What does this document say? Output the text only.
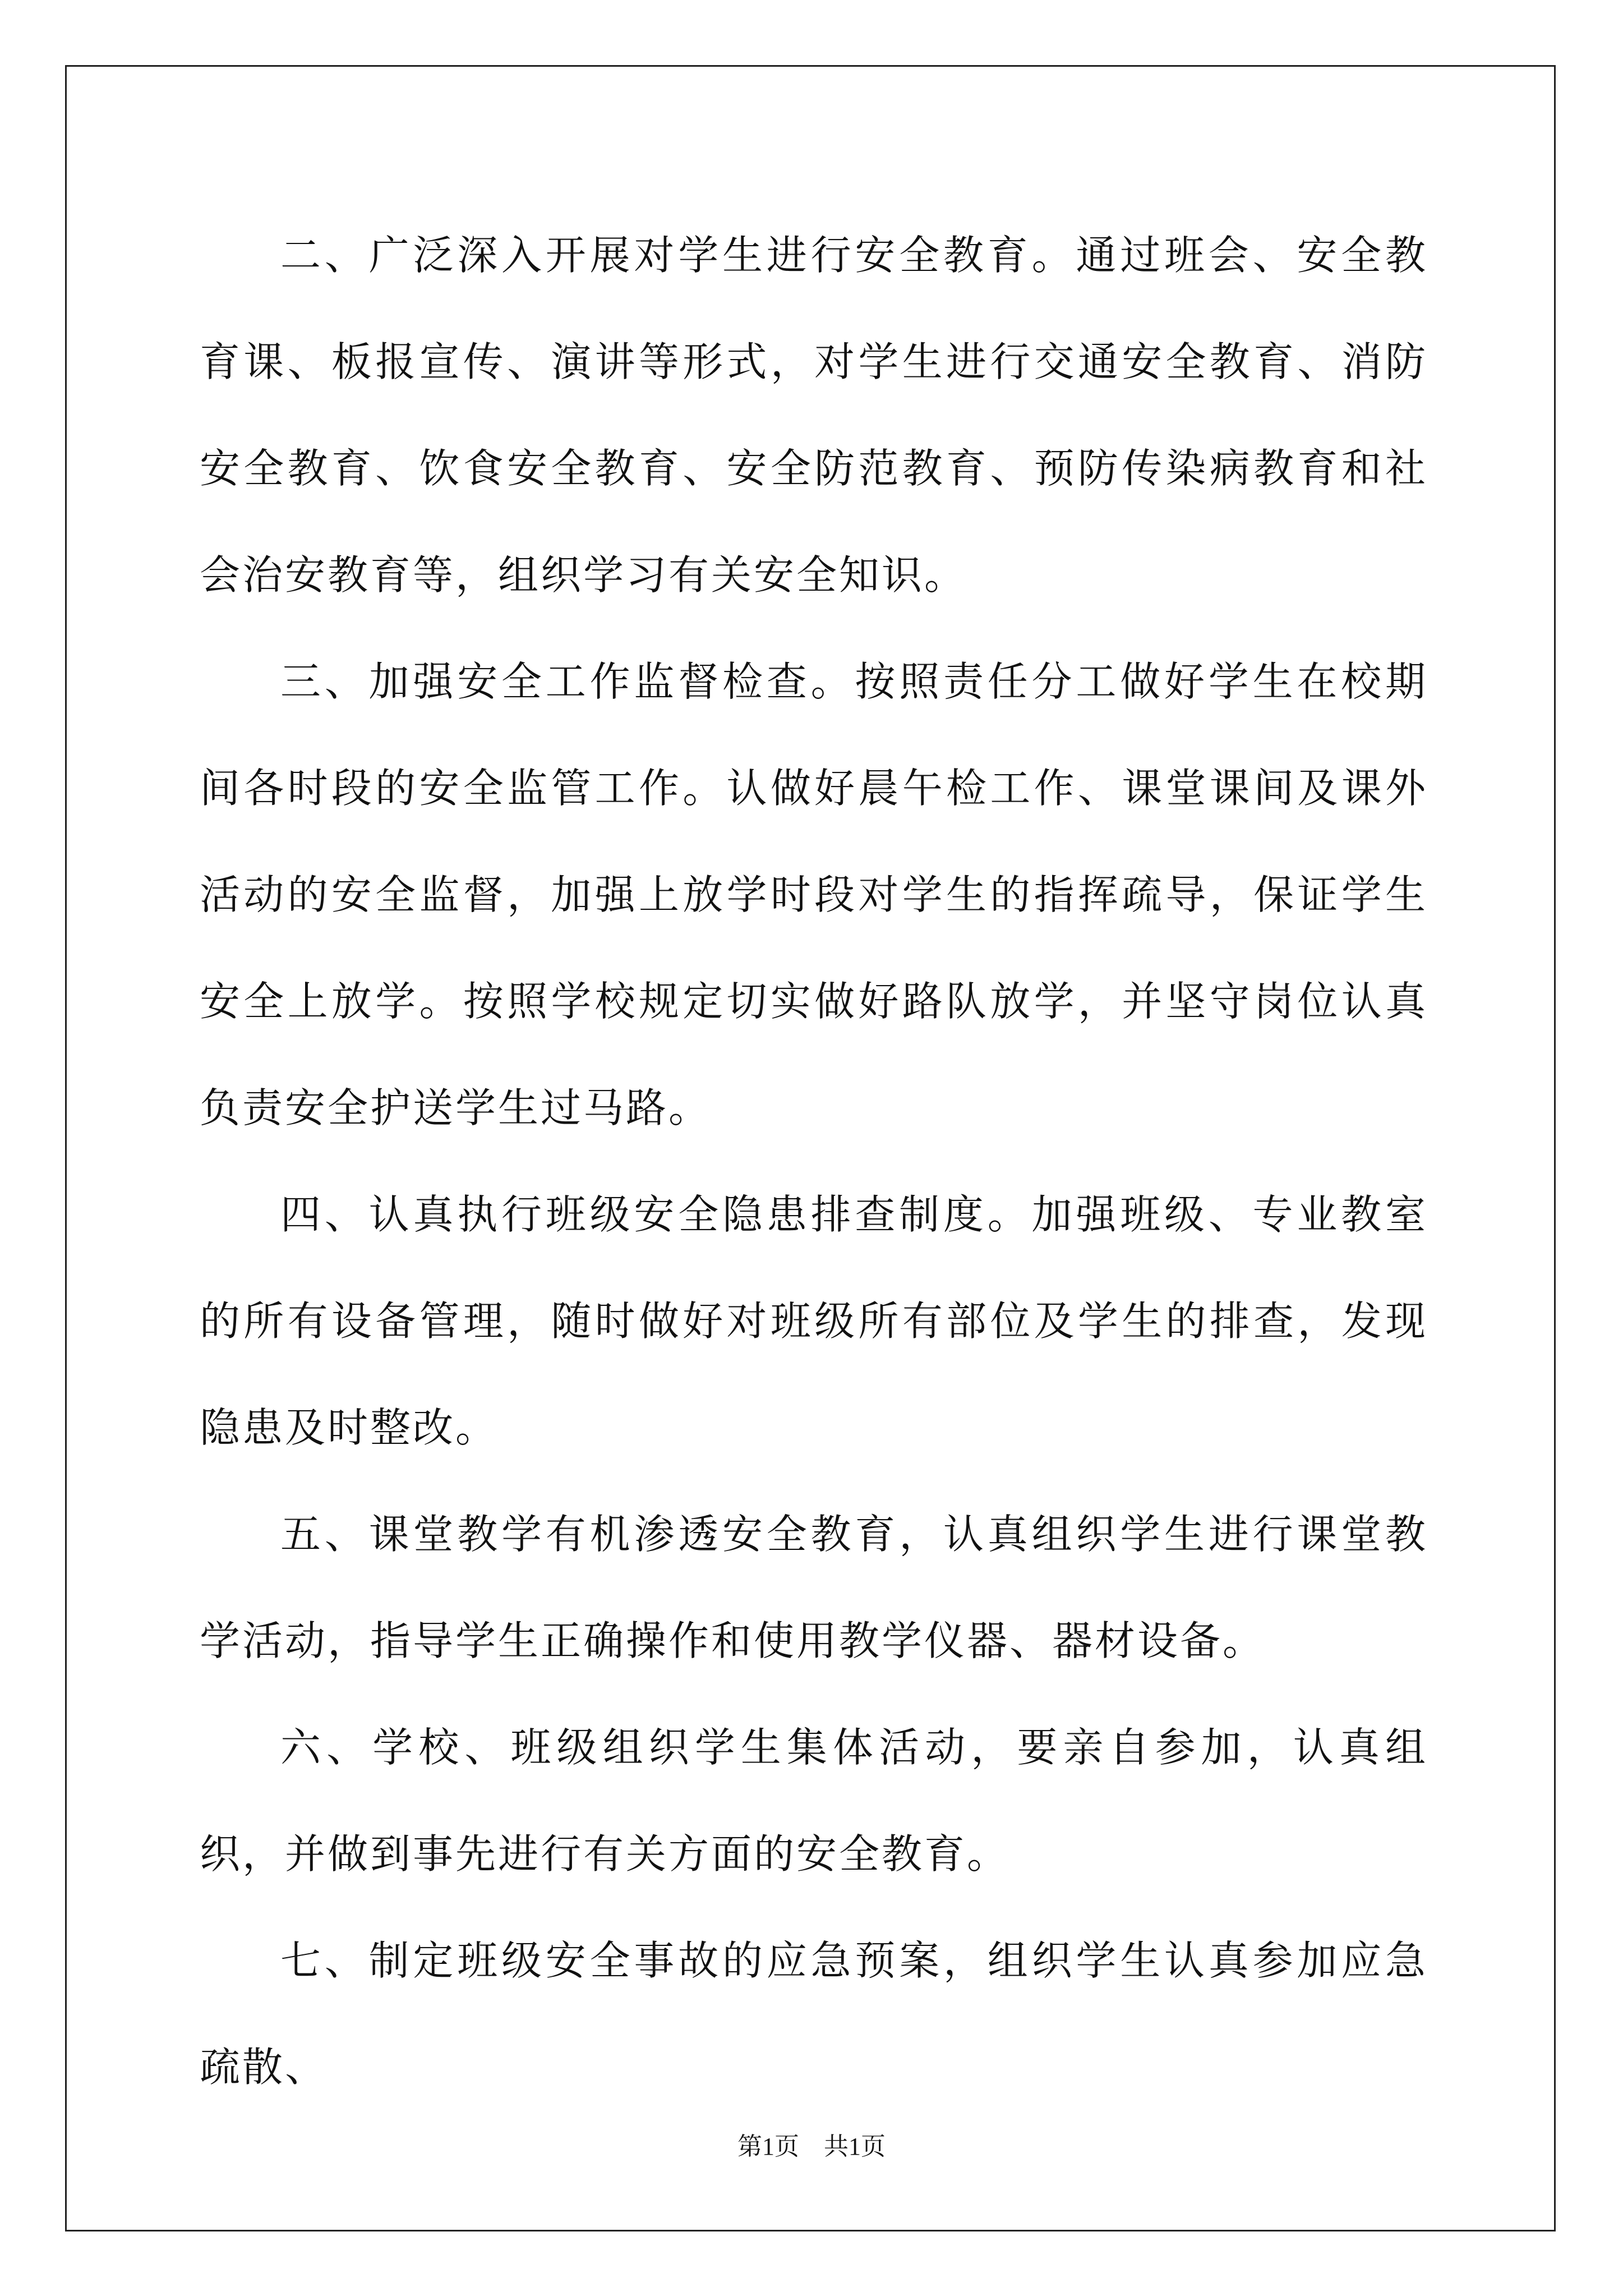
二、广泛深入开展对学生进行安全教育。通过班会、安全教育课、板报宣传、演讲等形式，对学生进行交通安全教育、消防安全教育、饮食安全教育、安全防范教育、预防传染病教育和社会治安教育等，组织学习有关安全知识。

三、加强安全工作监督检查。按照责任分工做好学生在校期间各时段的安全监管工作。认做好晨午检工作、课堂课间及课外活动的安全监督，加强上放学时段对学生的指挥疏导，保证学生安全上放学。按照学校规定切实做好路队放学，并坚守岗位认真负责安全护送学生过马路。

四、认真执行班级安全隐患排查制度。加强班级、专业教室的所有设备管理，随时做好对班级所有部位及学生的排查，发现隐患及时整改。

五、课堂教学有机渗透安全教育，认真组织学生进行课堂教学活动，指导学生正确操作和使用教学仪器、器材设备。

六、学校、班级组织学生集体活动，要亲自参加，认真组织，并做到事先进行有关方面的安全教育。

七、制定班级安全事故的应急预案，组织学生认真参加应急疏散、

第1页　共1页
